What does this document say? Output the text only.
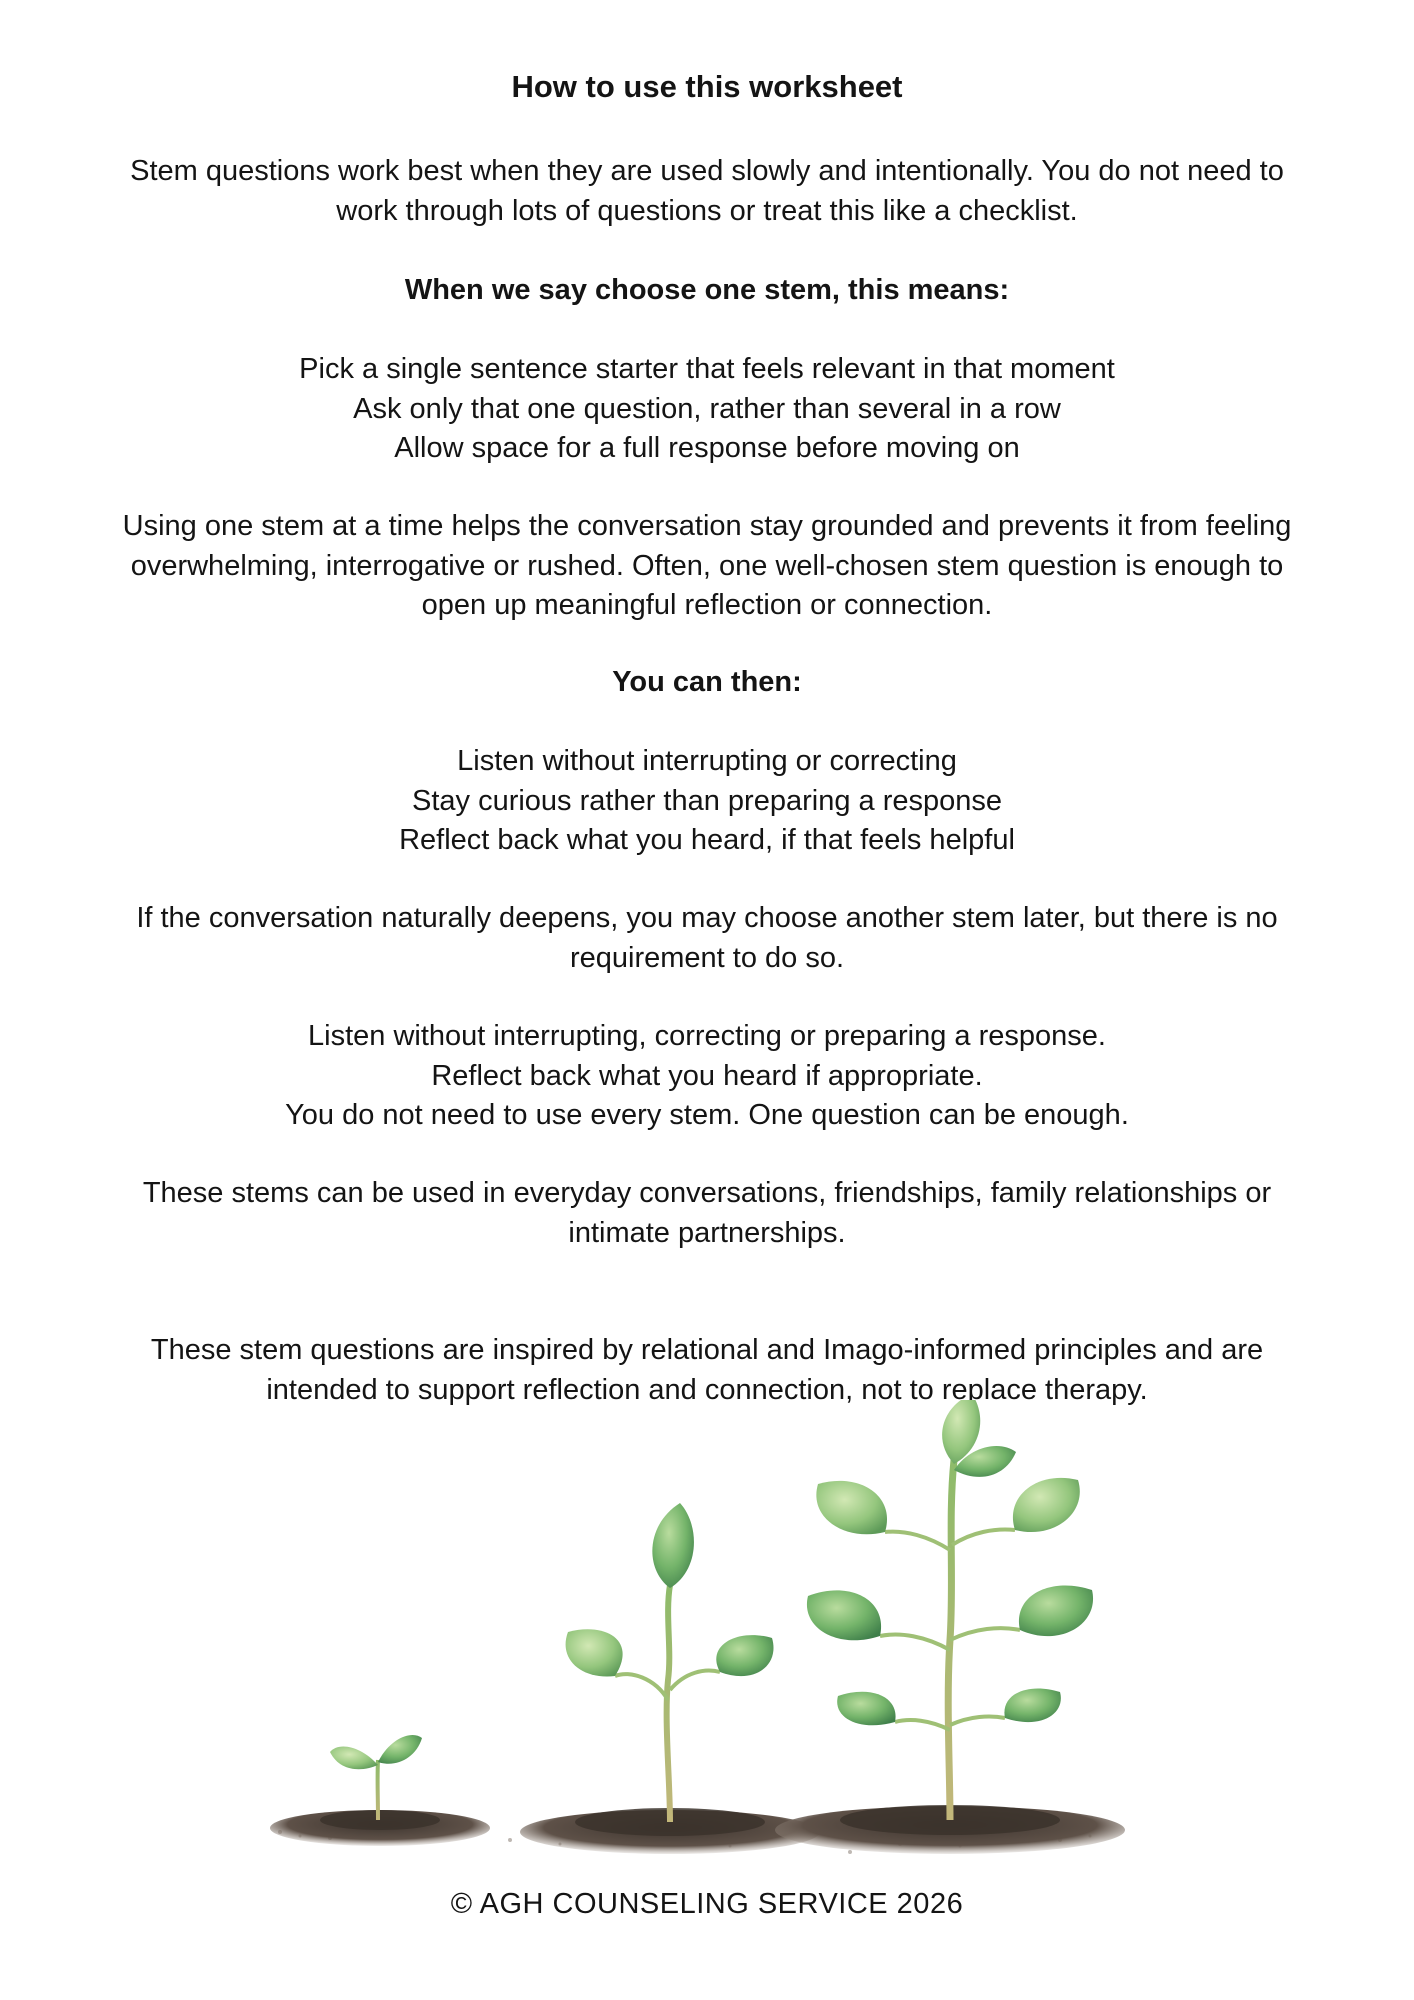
How to use this worksheet
Stem questions work best when they are used slowly and intentionally. You do not need to
work through lots of questions or treat this like a checklist.
When we say choose one stem, this means:
Pick a single sentence starter that feels relevant in that moment
Ask only that one question, rather than several in a row
Allow space for a full response before moving on
Using one stem at a time helps the conversation stay grounded and prevents it from feeling
overwhelming, interrogative or rushed. Often, one well-chosen stem question is enough to
open up meaningful reflection or connection.
You can then:
Listen without interrupting or correcting
Stay curious rather than preparing a response
Reflect back what you heard, if that feels helpful
If the conversation naturally deepens, you may choose another stem later, but there is no
requirement to do so.
Listen without interrupting, correcting or preparing a response.
Reflect back what you heard if appropriate.
You do not need to use every stem. One question can be enough.
These stems can be used in everyday conversations, friendships, family relationships or
intimate partnerships.
These stem questions are inspired by relational and Imago-informed principles and are
intended to support reflection and connection, not to replace therapy.
© AGH COUNSELING SERVICE 2026
